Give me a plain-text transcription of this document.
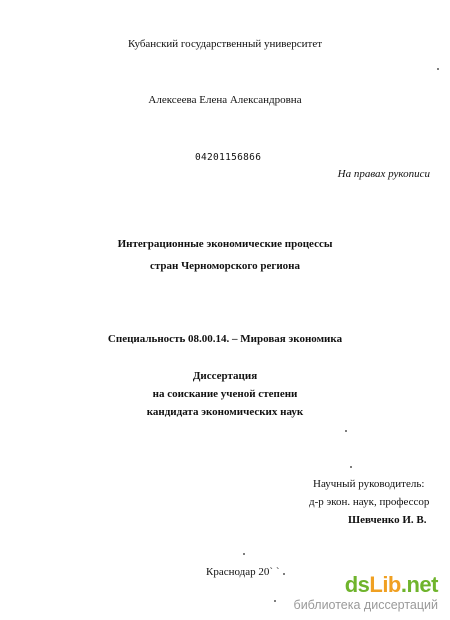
Кубанский государственный университет
Алексеева Елена Александровна
04201156866
На правах рукописи
Интеграционные экономические процессы
стран Черноморского региона
Специальность 08.00.14. – Мировая экономика
Диссертация
на соискание ученой степени
кандидата экономических наук
Научный руководитель:
д-р экон. наук, профессор
Шевченко И. В.
Краснодар 20` `	dsLib.net
библиотека диссертаций
